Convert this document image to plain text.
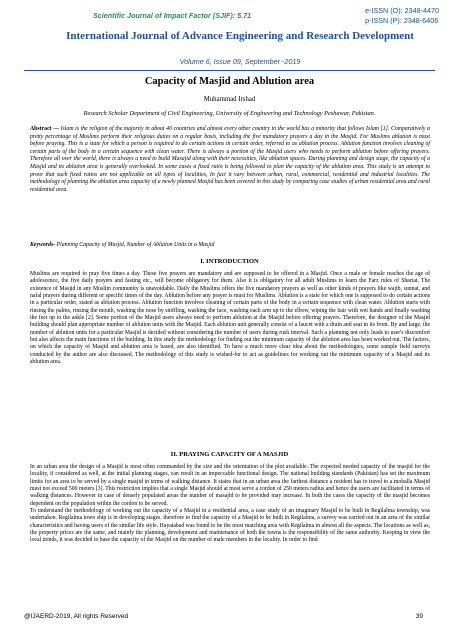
Scientific Journal of Impact Factor (SJIF): 5.71
e-ISSN (O): 2348-4470
p-ISSN (P): 2348-6406
International Journal of Advance Engineering and Research Development
Volume 6, Issue 09, September -2019
Capacity of Masjid and Ablution area
Muhammad Irshad
Research Scholar Department of Civil Engineering, University of Engineering and Technology Peshawar, Pakistan.
Abstract — Islam is the religion of the majority in about 40 countries and almost every other country in the world has a minority that follows Islam [1]. Comparatively a pretty percentage of Muslims perform their religious duties on a regular basis, including the five mandatory prayers a day in the Masjid. For Muslims ablution is must before praying. This is a state for which a person is required to do certain actions in certain order, referred to as ablution process. Ablution function involves cleaning of certain parts of the body in a certain sequence with clean water. There is always a portion of the Masjid users who needs to perform ablution before offering prayers. Therefore all over the world, there is always a need to build Masajid along with their necessities, like ablution spaces. During planning and design stage, the capacity of a Masjid and its ablution area is generally overlooked. In some cases a fixed ratio is being followed to plan the capacity of the ablution area. This study is an attempt to prove that such fixed ratios are not applicable on all types of localities, In fact it vary between urban, rural, commercial, residential and industrial localities. The methodology of planning the ablution area capacity of a newly planned Masjid has been covered in this study by comparing case studies of urban residential area and rural residential area.
Keywords- Planning Capacity of Masjid, Number of Ablution Units in a Masjid
I. INTRODUCTION

Muslims are required to pray five times a day. These five prayers are mandatory and are supposed to be offered in a Masjid. Once a male or female reaches the age of adolescence, the five daily prayers and fasting etc., will become obligatory for them. Also it is obligatory for all adult Muslims to learn the Farz rules of Shariat. The existence of Masjid in any Muslim community is unavoidable. Daily the Muslims offers the five mandatory prayers as well as other kinds of prayers like wajib, sunnat, and nafal prayers during different or specific times of the day. Ablution before any prayer is must for Muslims. Ablution is a state for which one is supposed to do certain actions in a particular order, stated as ablution process. Ablution function involves cleaning of certain parts of the body in a certain sequence with clean water. Ablution starts with rinsing the palms, rinsing the mouth, washing the nose by sniffling, washing the face, washing each arm up to the elbow, wiping the hair with wet hands and finally washing the feet up to the ankle [2]. Some portion of the Masjid users always need to perform ablution at the Masjid before offering prayers. Therefore, the designer of the Masjid building should plan appropriate number of ablution units with the Masjid. Each ablution unit generally consist of a faucet with a drain and seat in its front. By and large, the number of ablution units for a particular Masjid is decided without considering the number of users during rush interval. Such a planning not only leads to user's discomfort but also affects the main functions of the building. In this study the methodology for finding out the minimum capacity of the ablution area has been worked out. The factors, on which the capacity of Masjid and ablution area is based, are also identified. To have a much more clear idea about the methodologies, some sample field surveys conducted by the author are also discussed. The methodology of this study is wished-for to act as guidelines for working out the minimum capacity of a Masjid and its ablution area.

II. PRAYING CAPACITY OF A MASJID

In an urban area the design of a Masjid is most often commanded by the size and the orientation of the plot available. The expected needed capacity of the masjid for the locality, if considered as well, at the initial planning stages, can result in an impeccable functional design. The national building standards (Pakistan) has set the maximum limits for an area to be served by a single masjid in terms of walking distance. It states that in an urban area the farthest distance a resident has to travel to a mohalla Masjid must not exceed 500 meters [3]. This restriction implies that a single Masjid should at most serve a cordon of 250 meters radius and hence the users are facilitated in terms of walking distances. However in case of densely populated areas the number of masajid to be provided may increase. In both the cases the capacity of the masjid becomes dependent on the population within the cordon to be served.

To understand the methodology of working out the capacity of a Masjid in a residential area, a case study of an imaginary Masjid to be built in Regilalma township, was undertaken. Regilalma town ship is in developing stages. therefore to find the capacity of a Masjid to be built in Regilalma, a survey was carried out in an area of the similar characteristics and having users of the similar life style. Hayatabad was found to be the most matching area with Regilalma in almost all the aspects. The locations as well as, the property prices are the same, and mainly the planning, development and maintenance of both the towns is the responsibility of the same authority. Keeping in view the local trends, it was decided to base the capacity of the Masjid on the number of male members in the locality. In order to find

@IJAERD-2019, All rights Reserved	39
